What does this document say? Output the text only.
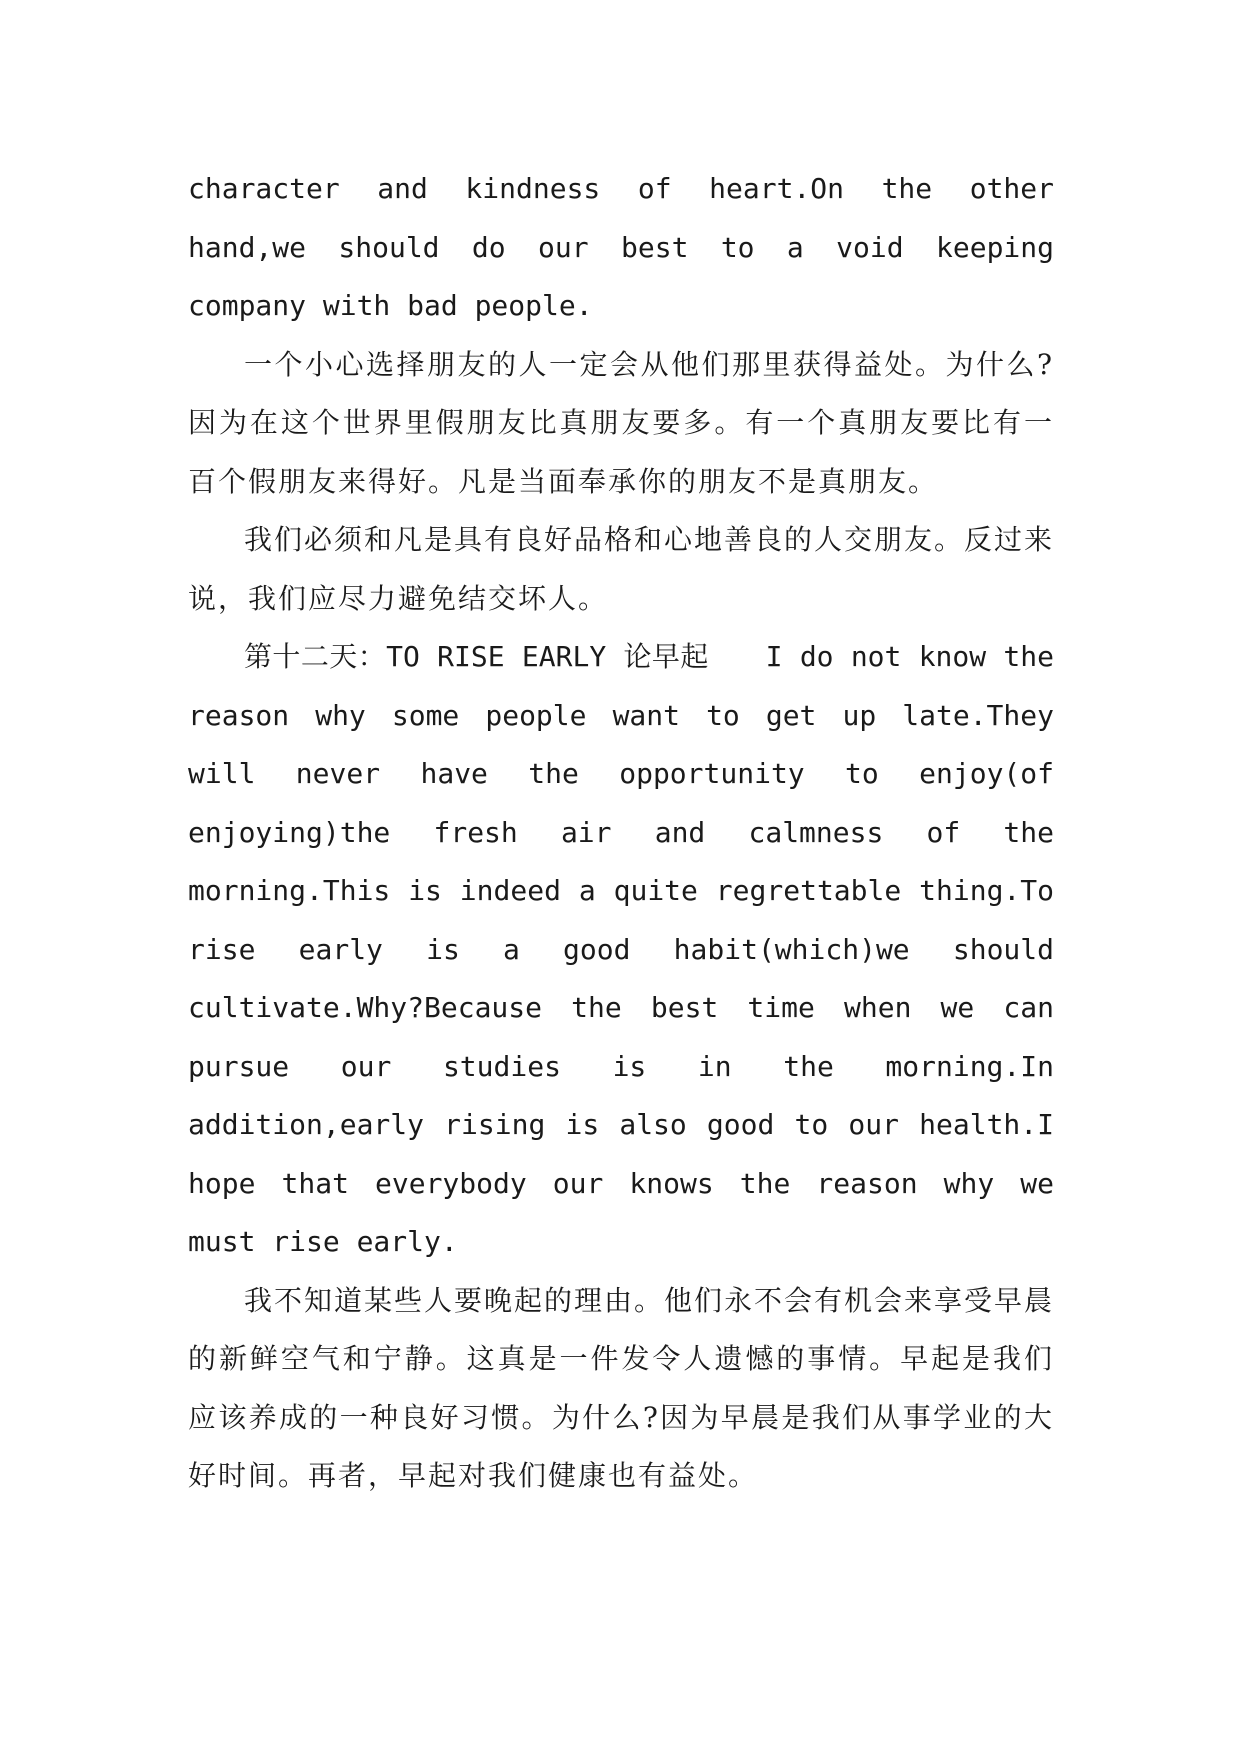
character and kindness of heart.On the other hand,we should do our best to a void keeping company with bad people.

一个小心选择朋友的人一定会从他们那里获得益处。为什么?因为在这个世界里假朋友比真朋友要多。有一个真朋友要比有一百个假朋友来得好。凡是当面奉承你的朋友不是真朋友。

我们必须和凡是具有良好品格和心地善良的人交朋友。反过来说，我们应尽力避免结交坏人。

第十二天：TO RISE EARLY 论早起　　I do not know the reason why some people want to get up late.They will never have the opportunity to enjoy(of enjoying)the fresh air and calmness of the morning.This is indeed a quite regrettable thing.To rise early is a good habit(which)we should cultivate.Why?Because the best time when we can pursue our studies is in the morning.In addition,early rising is also good to our health.I hope that everybody our knows the reason why we must rise early.

我不知道某些人要晚起的理由。他们永不会有机会来享受早晨的新鲜空气和宁静。这真是一件发令人遗憾的事情。早起是我们应该养成的一种良好习惯。为什么?因为早晨是我们从事学业的大好时间。再者，早起对我们健康也有益处。
